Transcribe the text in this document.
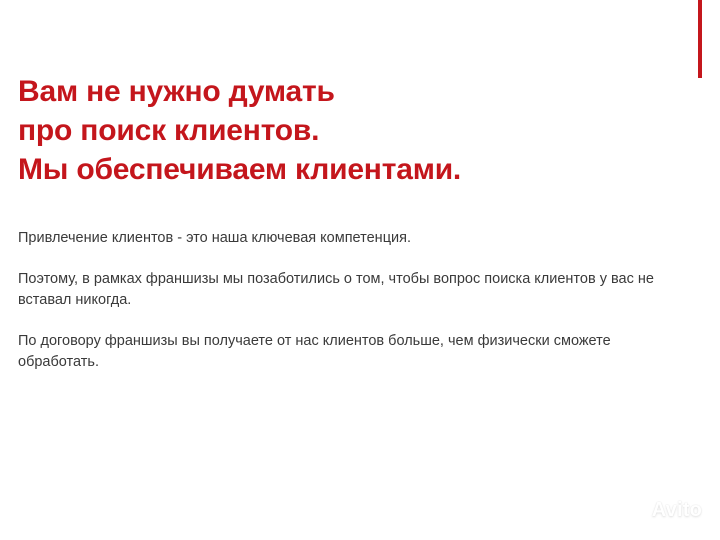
Вам не нужно думать
про поиск клиентов.
Мы обеспечиваем клиентами.

Привлечение клиентов - это наша ключевая компетенция.

Поэтому, в рамках франшизы мы позаботились о том, чтобы вопрос поиска клиентов у вас не вставал никогда.

По договору франшизы вы получаете от нас клиентов больше, чем физически сможете обработать.

Avito
